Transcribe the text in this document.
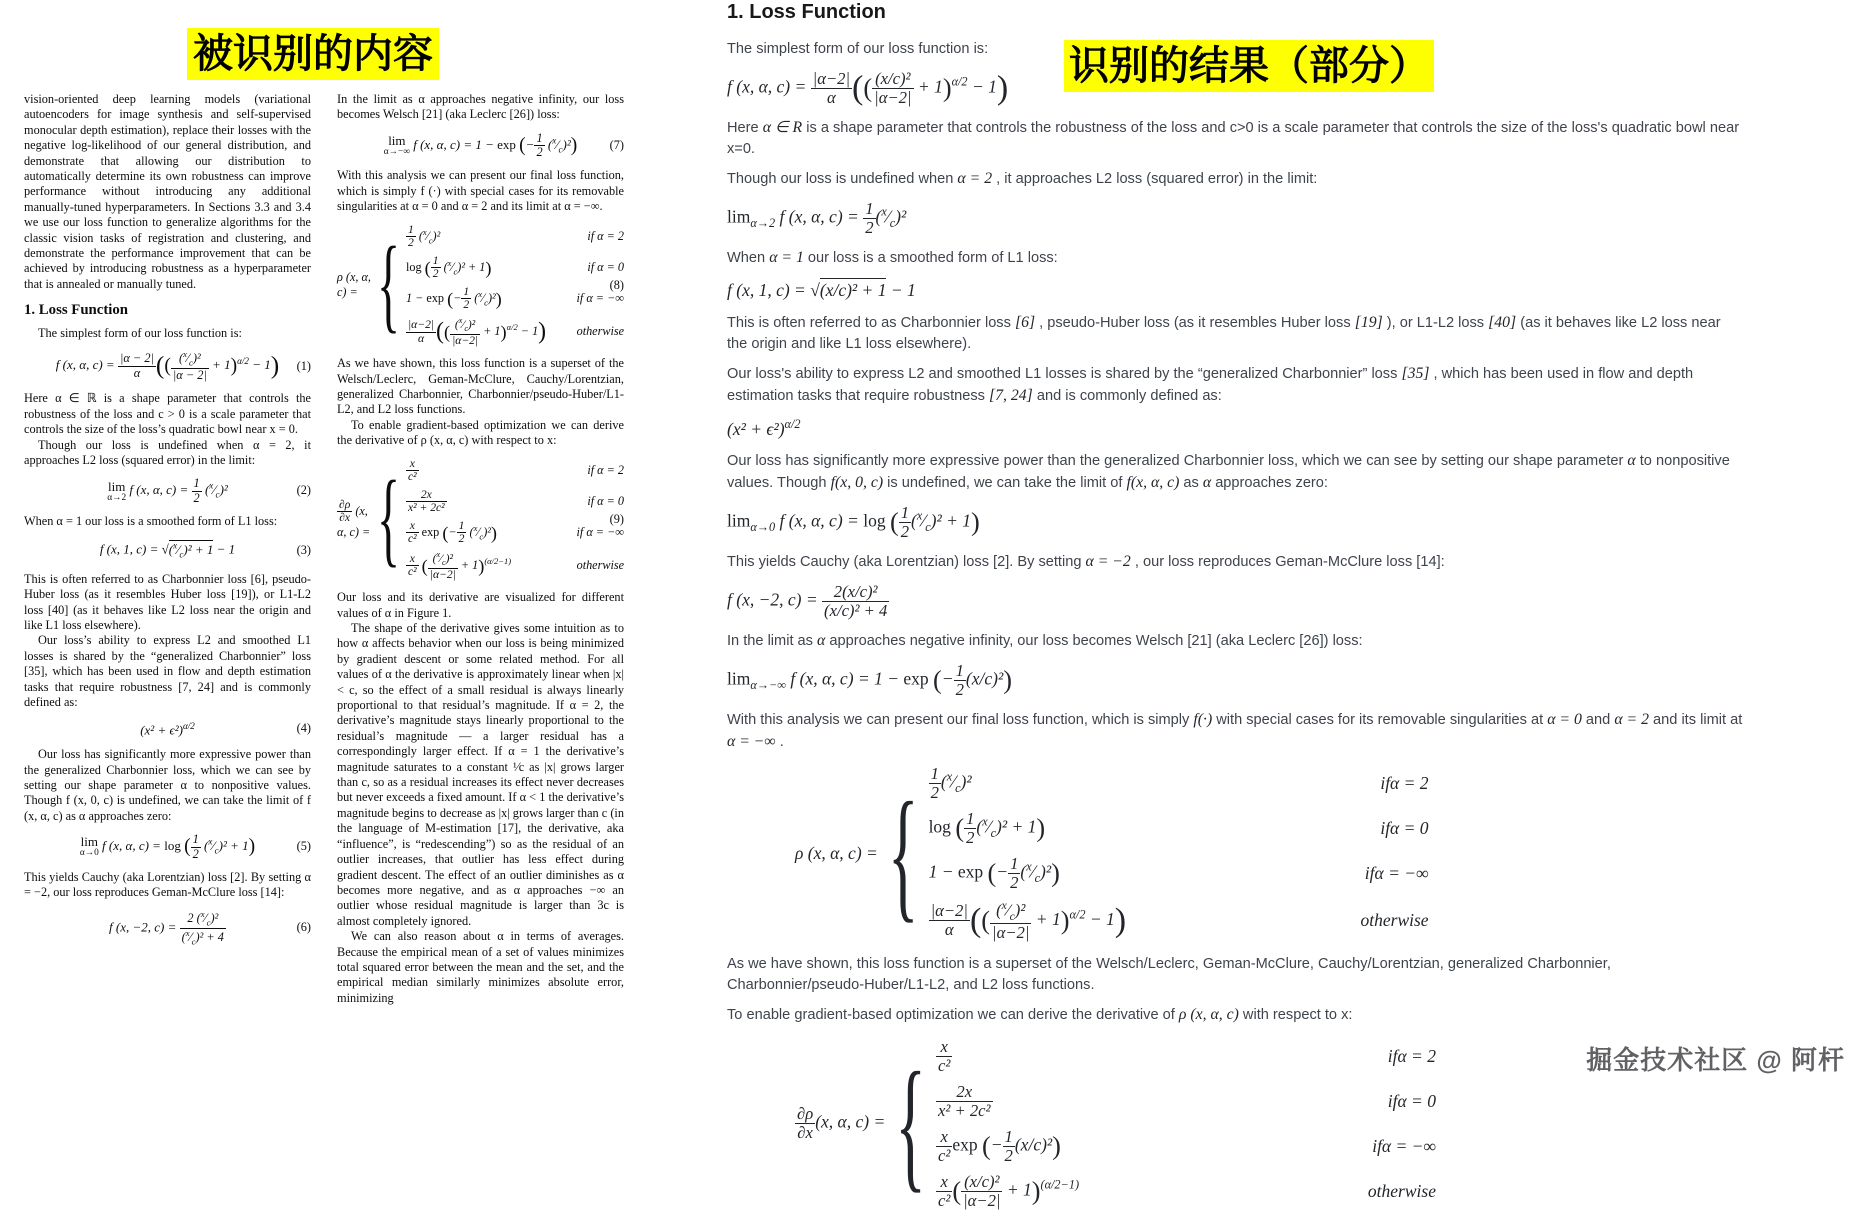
被识别的内容

vision-oriented deep learning models (variational autoencoders for image synthesis and self-supervised monocular depth estimation), replace their losses with the negative log-likelihood of our general distribution, and demonstrate that allowing our distribution to automatically determine its own robustness can improve performance without introducing any additional manually-tuned hyperparameters. In Sections 3.3 and 3.4 we use our loss function to generalize algorithms for the classic vision tasks of registration and clustering, and demonstrate the performance improvement that can be achieved by introducing robustness as a hyperparameter that is annealed or manually tuned.

1. Loss Function

The simplest form of our loss function is:

f (x, α, $c) = \frac{|\alpha - 2|}{\alpha}$ (( $\frac{(^x⁄_c)^2}{|\alpha - 2|} + 1)^{\alpha/2} - 1$) (1)

Here α ∈ ℝ is a shape parameter that controls the robustness of the loss and c > 0 is a scale parameter that controls the size of the loss’s quadratic bowl near x = 0.

Though our loss is undefined when α = 2, it approaches L2 loss (squared error) in the limit:

lim
α→2
f (x, α, $c) = \frac{1}{2}$ $(^x⁄_c)^2$	(2)

When α = 1 our loss is a smoothed form of L1 loss:

f (x, 1, $c) = √(^x⁄_c)^2 + 1 - 1$	(3)

This is often referred to as Charbonnier loss [6], pseudo-Huber loss (as it resembles Huber loss [19]), or L1-L2 loss [40] (as it behaves like L2 loss near the origin and like L1 loss elsewhere).

Our loss’s ability to express L2 and smoothed L1 losses is shared by the “generalized Charbonnier” loss [35], which has been used in flow and depth estimation tasks that require robustness [7, 24] and is commonly defined as:

$(x^2 + \epsilon^2)^{\alpha/2}$	(4)

Our loss has significantly more expressive power than the generalized Charbonnier loss, which we can see by setting our shape parameter α to nonpositive values. Though f (x, 0, c) is undefined, we can take the limit of f (x, α, c) as α approaches zero:

lim
α→0
f (x, α, c) = log ( $\frac{1}{2}$ $(^x⁄_c)^2 + 1$)	(5)

This yields Cauchy (aka Lorentzian) loss [2]. By setting α = −2, our loss reproduces Geman-McClure loss [14]:

f (x, −2, $c) = \frac{2 (^x⁄_c)^2}{(^x⁄_c)^2 + 4}$	(6)

In the limit as α approaches negative infinity, our loss becomes Welsch [21] (aka Leclerc [26]) loss:

lim
α→−∞
f (x, α, c) = 1 − exp (− $\frac{1}{2}$ $(^x⁄_c)^2$)	(7)

With this analysis we can present our final loss function, which is simply f (·) with special cases for its removable singularities at α = 0 and α = 2 and its limit at α = −∞.

ρ (x, α, c) = { $\frac{1}{2}$ $(^x⁄_c)^2$	if α = 2
log ( $\frac{1}{2}$ $(^x⁄_c)^2 + 1$)	if α = 0
1 − exp (− $\frac{1}{2}$ $(^x⁄_c)^2$)	if α = −∞
$\frac{|\alpha-2|}{\alpha}$ (( $\frac{(^x⁄_c)^2}{|\alpha-2|} + 1)^{\alpha/2} - 1$)	otherwise
(8)

As we have shown, this loss function is a superset of the Welsch/Leclerc, Geman-McClure, Cauchy/Lorentzian, generalized Charbonnier, Charbonnier/pseudo-Huber/L1-L2, and L2 loss functions.

To enable gradient-based optimization we can derive the derivative of ρ (x, α, c) with respect to x:

$\frac{\partial\rho}{\partial x} (x$, α, c) = { $\frac{x}{\text{c²}}$	if α = 2
$\frac{2x}{\text{x² + 2c²}}$	if α = 0
$\frac{x}{\text{c²}}$ exp (− $\frac{1}{2}$ $(^x⁄_c)^2$)	if α = −∞
$\frac{x}{\text{c²}}$ ( $\frac{(^x⁄_c)^2}{|\alpha-2|} + 1)^{(\alpha/2-1)}$	otherwise
(9)

Our loss and its derivative are visualized for different values of α in Figure 1.

The shape of the derivative gives some intuition as to how α affects behavior when our loss is being minimized by gradient descent or some related method. For all values of α the derivative is approximately linear when |x| < c, so the effect of a small residual is always linearly proportional to that residual’s magnitude. If α = 2, the derivative’s magnitude stays linearly proportional to the residual’s magnitude — a larger residual has a correspondingly larger effect. If α = 1 the derivative’s magnitude saturates to a constant ¹⁄c as |x| grows larger than c, so as a residual increases its effect never decreases but never exceeds a fixed amount. If α < 1 the derivative’s magnitude begins to decrease as |x| grows larger than c (in the language of M-estimation [17], the derivative, aka “influence”, is “redescending”) so as the residual of an outlier increases, that outlier has less effect during gradient descent. The effect of an outlier diminishes as α becomes more negative, and as α approaches −∞ an outlier whose residual magnitude is larger than 3c is almost completely ignored.

We can also reason about α in terms of averages. Because the empirical mean of a set of values minimizes total squared error between the mean and the set, and the empirical median similarly minimizes absolute error, minimizing

识别的结果（部分）
1. Loss Function

The simplest form of our loss function is:

f (x, α, $c) = \frac{|\alpha-2|}{\alpha}$ (( $\frac{\text{(x/c)²}}{|\alpha-2|} + 1)^{\alpha/2} - 1$)

Here α ∈ R is a shape parameter that controls the robustness of the loss and c>0 is a scale parameter that controls the size of the loss's quadratic bowl near x=0.

Though our loss is undefined when α = 2 , it approaches L2 loss (squared error) in the limit:

$\lim_{\alpha\to 2} f$ (x, α, $c) = \frac{1}{2}$ $(^x⁄_c)^2$

When α = 1 our loss is a smoothed form of L1 loss:

f (x, 1, c) = √(x/c)² + 1 − 1

This is often referred to as Charbonnier loss [6] , pseudo-Huber loss (as it resembles Huber loss [19] ), or L1-L2 loss [40] (as it behaves like L2 loss near the origin and like L1 loss elsewhere).

Our loss's ability to express L2 and smoothed L1 losses is shared by the “generalized Charbonnier” loss [35] , which has been used in flow and depth estimation tasks that require robustness [7, 24] and is commonly defined as:

$(x^2 + \epsilon^2)^{\alpha/2}$

Our loss has significantly more expressive power than the generalized Charbonnier loss, which we can see by setting our shape parameter α to nonpositive values. Though f(x, 0, c) is undefined, we can take the limit of f(x, α, c) as α approaches zero:

$\lim_{\alpha\to 0} f$ (x, α, c) = log ( $\frac{1}{2}$ $(^x⁄_c)^2 + 1$)

This yields Cauchy (aka Lorentzian) loss [2]. By setting α = −2 , our loss reproduces Geman-McClure loss [14]:

f (x, −2, $c) = \frac{\text{2(x/c)²}}{\text{(x/c)² + 4}}$

In the limit as α approaches negative infinity, our loss becomes Welsch [21] (aka Leclerc [26]) loss:

$\lim_{\alpha\to-\infty} f$ (x, α, c) = 1 − exp (− $\frac{1}{2} (x/c)^2$)

With this analysis we can present our final loss function, which is simply f(·) with special cases for its removable singularities at α = 0 and α = 2 and its limit at α = −∞ .

ρ (x, α, c) = { $\frac{1}{2}$ $(^x⁄_c)^2$	ifα = 2
log ( $\frac{1}{2}$ $(^x⁄_c)^2 + 1$)	ifα = 0
1 − exp (− $\frac{1}{2}$ $(^x⁄_c)^2$)	ifα = −∞
$\frac{|\alpha-2|}{\alpha}$ (( $\frac{(^x⁄_c)^2}{|\alpha-2|} + 1)^{\alpha/2} - 1$)	otherwise

As we have shown, this loss function is a superset of the Welsch/Leclerc, Geman-McClure, Cauchy/Lorentzian, generalized Charbonnier, Charbonnier/pseudo-Huber/L1-L2, and L2 loss functions.

To enable gradient-based optimization we can derive the derivative of ρ (x, α, c) with respect to x:

$\frac{\partial\rho}{\partial x} (x$, α, c) = { $\frac{x}{\text{c²}}$	ifα = 2
$\frac{2x}{\text{x² + 2c²}}$	ifα = 0
$\frac{x}{\text{c²}}$ exp (− $\frac{1}{2} (x/c)^2$)	ifα = −∞
$\frac{x}{\text{c²}}$ ( $\frac{\text{(x/c)²}}{|\alpha-2|} + 1)^{(\alpha/2-1)}$	otherwise
掘金技术社区 @ 阿杆
